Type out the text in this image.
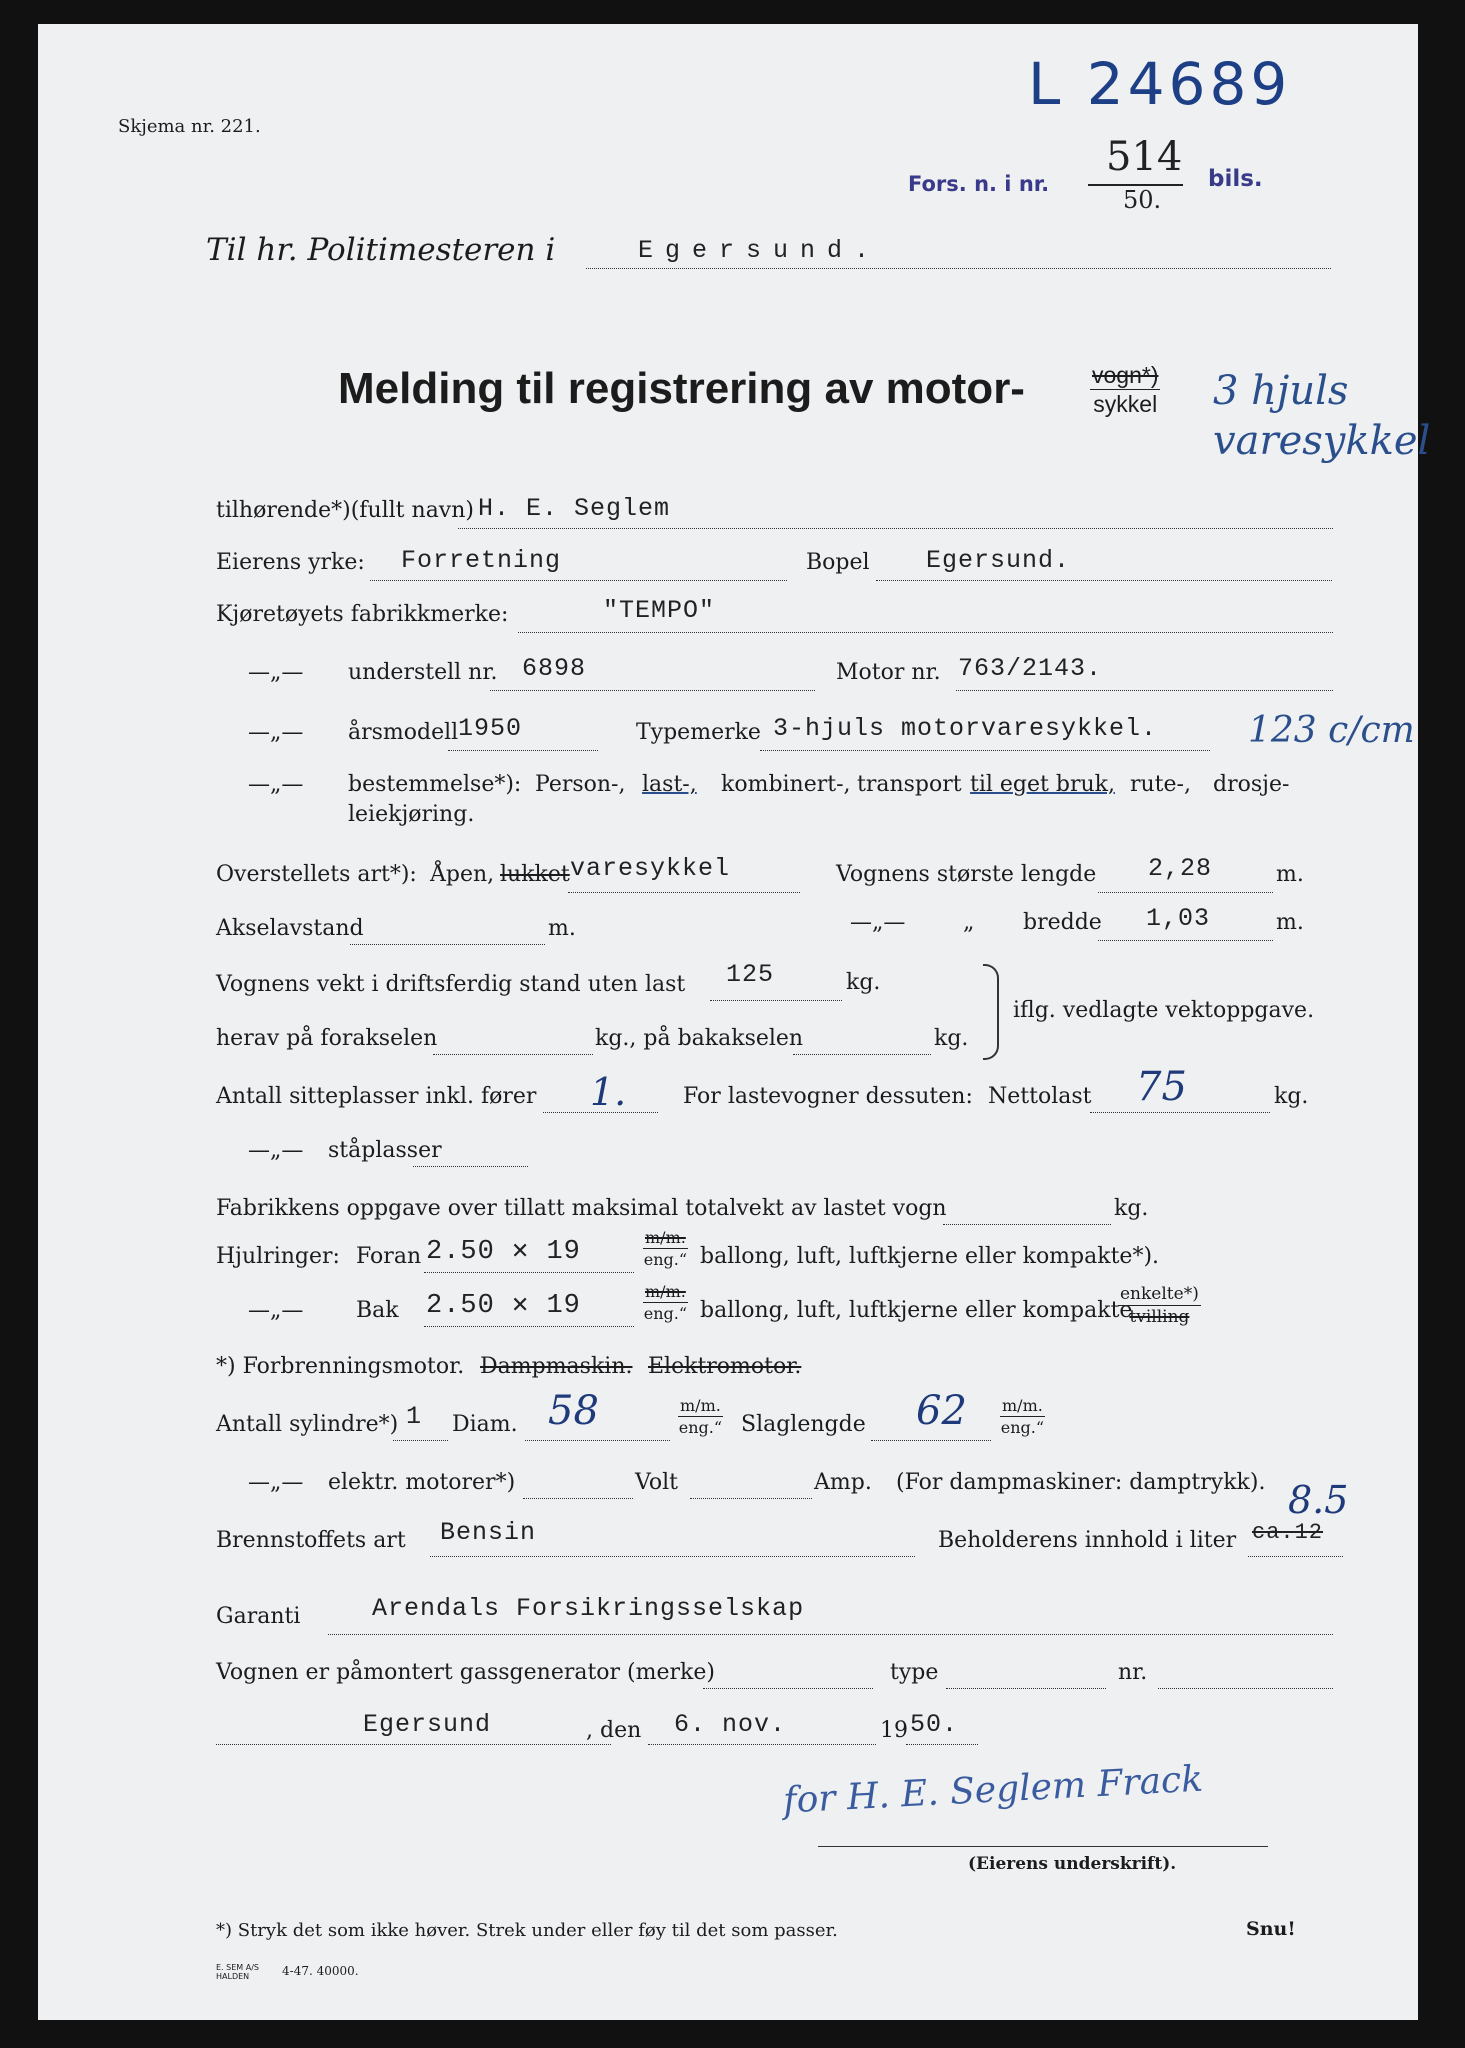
L 24689
Skjema nr. 221.
Fors. n. i nr.
514
50.
bils.
Til hr. Politimesteren i	Egersund.
Melding til registrering av motor-	vogn*)
sykkel 3 hjuls varesykkel
tilhørende*)(fullt navn) H. E. Seglem
Eierens yrke: Forretning	Bopel Egersund.
Kjøretøyets fabrikkmerke:	"TEMPO"
—„— understell nr. 6898	Motor nr. 763/2143.
—„— årsmodell 1950	Typemerke 3-hjuls motorvaresykkel.	123 c/cm
—„— bestemmelse*): Person-, last-, kombinert-, transport til eget bruk, rute-, drosje-
leiekjøring.
Overstellets art*): Åpen, lukket varesykkel	Vognens største lengde 2,28	m.
Akselavstand	m.	—„—	„ bredde 1,03	m.
Vognens vekt i driftsferdig stand uten last 125	kg.
herav på forakselen	kg., på bakakselen	kg.
iflg. vedlagte vektoppgave.
Antall sitteplasser inkl. fører 1.	For lastevogner dessuten: Nettolast 75	kg.
—„— ståplasser
Fabrikkens oppgave over tillatt maksimal totalvekt av lastet vogn	kg.
Hjulringer: Foran 2.50 ✕ 19	m/m.
eng.“ ballong, luft, luftkjerne eller kompakte*).
—„— Bak 2.50 ✕ 19	m/m.
eng.“ ballong, luft, luftkjerne eller kompakte
enkelte*)
tvilling
*) Forbrenningsmotor. Dampmaskin. Elektromotor.
Antall sylindre*) 1 Diam. 58	m/m.
eng.“ Slaglengde 62 m/m.
eng.“
—„— elektr. motorer*)	Volt	Amp. (For dampmaskiner: damptrykk).
Brennstoffets art Bensin	Beholderens innhold i liter ca.12
8.5
Garanti	Arendals Forsikringsselskap
Vognen er påmontert gassgenerator (merke)	type	nr.
Egersund	, den 6. nov.	19 50.
for H. E. Seglem Frack
(Eierens underskrift).
*) Stryk det som ikke høver. Strek under eller føy til det som passer.	Snu!
E. SEM A/S
HALDEN	4-47. 40000.
